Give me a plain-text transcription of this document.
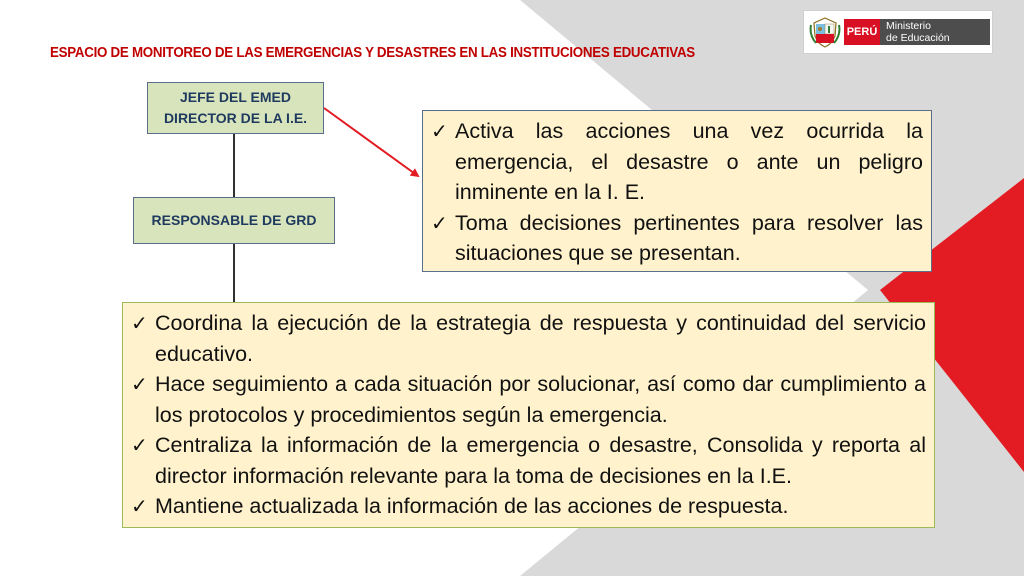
ESPACIO DE MONITOREO DE LAS EMERGENCIAS Y DESASTRES EN LAS INSTITUCIONES EDUCATIVAS
PERÚ Ministerio
de Educación
JEFE DEL EMED
DIRECTOR DE LA I.E.
RESPONSABLE DE GRD
✓ Activa las acciones una vez ocurrida la emergencia, el desastre o ante un peligro inminente en la I. E.
✓ Toma decisiones pertinentes para resolver las situaciones que se presentan.
✓ Coordina la ejecución de la estrategia de respuesta y continuidad del servicio educativo.
✓ Hace seguimiento a cada situación por solucionar, así como dar cumplimiento a los protocolos y procedimientos según la emergencia.
✓ Centraliza la información de la emergencia o desastre, Consolida y reporta al director información relevante para la toma de decisiones en la I.E.
✓ Mantiene actualizada la información de las acciones de respuesta.
